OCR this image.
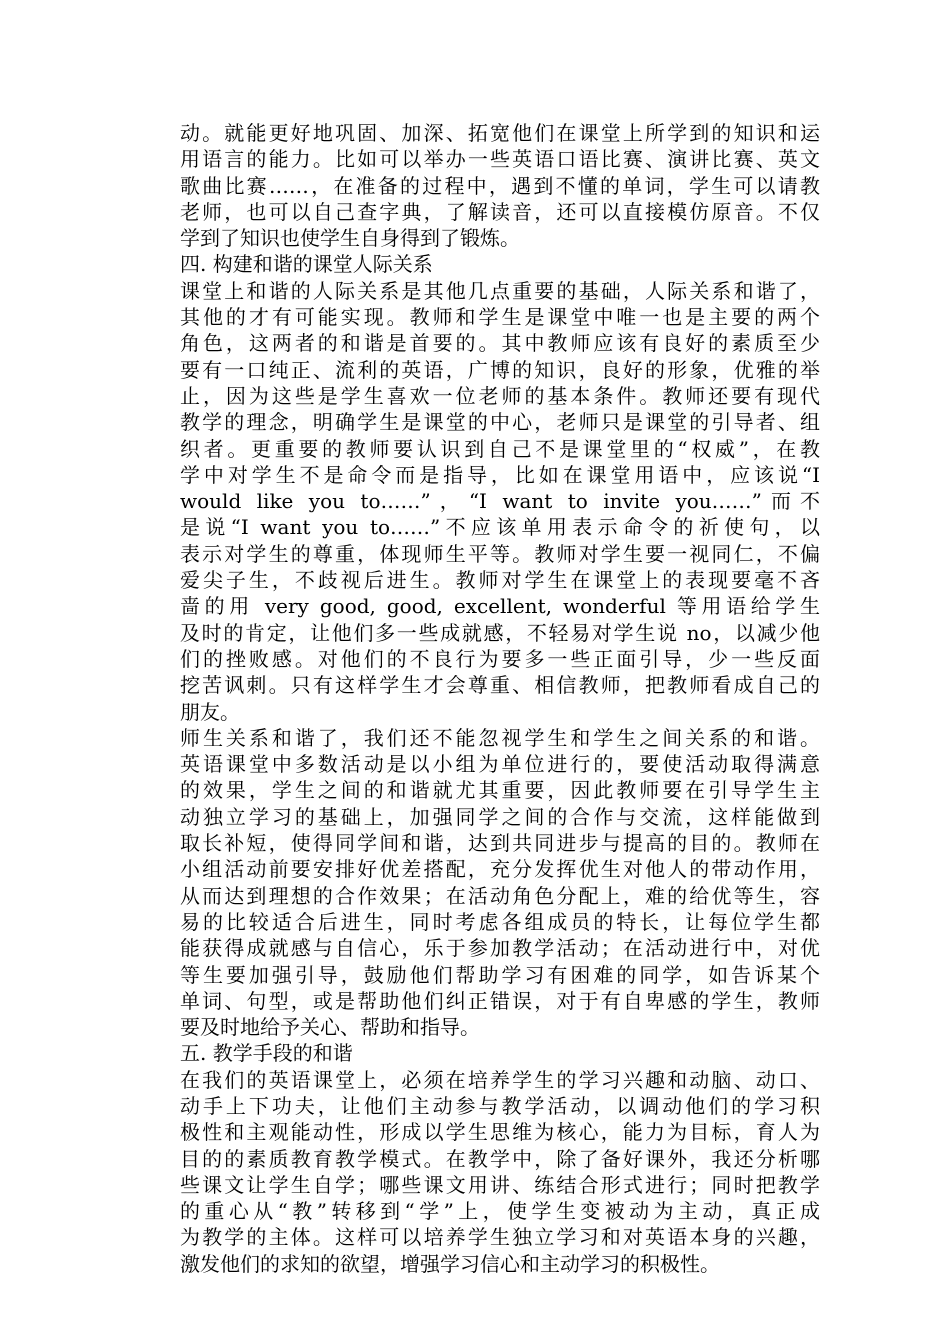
动。就能更好地巩固、加深、拓宽他们在课堂上所学到的知识和运
用语言的能力。比如可以举办一些英语口语比赛、演讲比赛、英文
歌曲比赛……，在准备的过程中，遇到不懂的单词，学生可以请教
老师，也可以自己查字典，了解读音，还可以直接模仿原音。不仅
学到了知识也使学生自身得到了锻炼。
四. 构建和谐的课堂人际关系
课堂上和谐的人际关系是其他几点重要的基础，人际关系和谐了，
其他的才有可能实现。教师和学生是课堂中唯一也是主要的两个
角色，这两者的和谐是首要的。其中教师应该有良好的素质至少
要有一口纯正、流利的英语，广博的知识，良好的形象，优雅的举
止，因为这些是学生喜欢一位老师的基本条件。教师还要有现代
教学的理念，明确学生是课堂的中心，老师只是课堂的引导者、组
织者。更重要的教师要认识到自己不是课堂里的“权威”，在教
学中对学生不是命令而是指导，比如在课堂用语中，应该说“I
would like you to……”，“I want to invite you……”而不
是说“I want you to……”不应该单用表示命令的祈使句，以
表示对学生的尊重，体现师生平等。教师对学生要一视同仁，不偏
爱尖子生，不歧视后进生。教师对学生在课堂上的表现要毫不吝
啬的用 very good, good, excellent, wonderful 等用语给学生
及时的肯定，让他们多一些成就感，不轻易对学生说 no，以减少他
们的挫败感。对他们的不良行为要多一些正面引导，少一些反面
挖苦讽刺。只有这样学生才会尊重、相信教师，把教师看成自己的
朋友。
师生关系和谐了，我们还不能忽视学生和学生之间关系的和谐。
英语课堂中多数活动是以小组为单位进行的，要使活动取得满意
的效果，学生之间的和谐就尤其重要，因此教师要在引导学生主
动独立学习的基础上，加强同学之间的合作与交流，这样能做到
取长补短，使得同学间和谐，达到共同进步与提高的目的。教师在
小组活动前要安排好优差搭配，充分发挥优生对他人的带动作用，
从而达到理想的合作效果；在活动角色分配上，难的给优等生，容
易的比较适合后进生，同时考虑各组成员的特长，让每位学生都
能获得成就感与自信心，乐于参加教学活动；在活动进行中，对优
等生要加强引导，鼓励他们帮助学习有困难的同学，如告诉某个
单词、句型，或是帮助他们纠正错误，对于有自卑感的学生，教师
要及时地给予关心、帮助和指导。
五. 教学手段的和谐
在我们的英语课堂上，必须在培养学生的学习兴趣和动脑、动口、
动手上下功夫，让他们主动参与教学活动，以调动他们的学习积
极性和主观能动性，形成以学生思维为核心，能力为目标，育人为
目的的素质教育教学模式。在教学中，除了备好课外，我还分析哪
些课文让学生自学；哪些课文用讲、练结合形式进行；同时把教学
的重心从“教”转移到“学”上，使学生变被动为主动，真正成
为教学的主体。这样可以培养学生独立学习和对英语本身的兴趣，
激发他们的求知的欲望，增强学习信心和主动学习的积极性。
